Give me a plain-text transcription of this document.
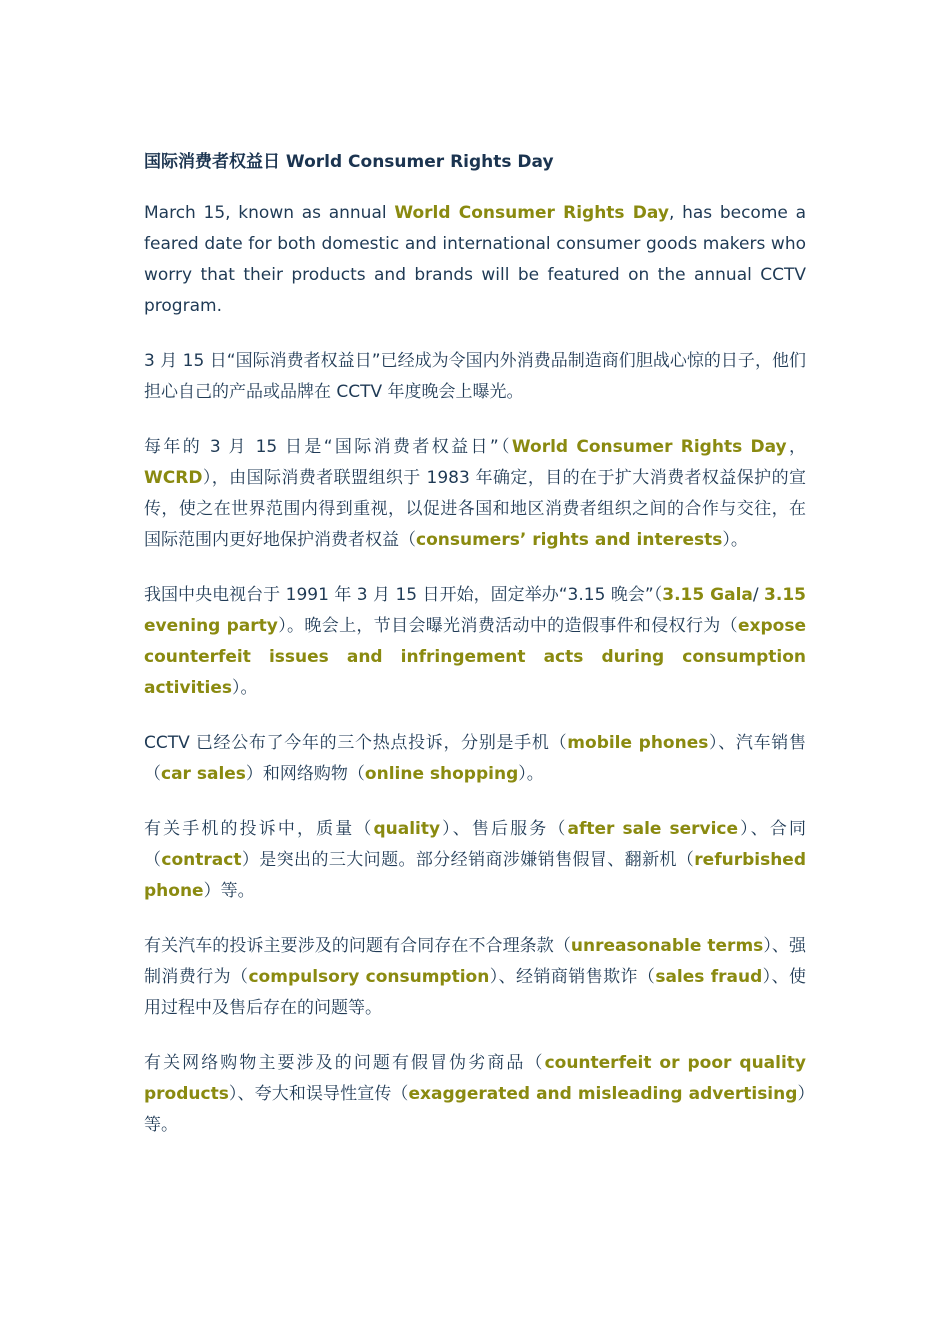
国际消费者权益日 World Consumer Rights Day

March 15, known as annual World Consumer Rights Day, has become a feared date for both domestic and international consumer goods makers who worry that their products and brands will be featured on the annual CCTV program.

3 月 15 日“国际消费者权益日”已经成为令国内外消费品制造商们胆战心惊的日子，他们担心自己的产品或品牌在 CCTV 年度晚会上曝光。

每年的 3 月 15 日是“国际消费者权益日”（World Consumer Rights Day，WCRD），由国际消费者联盟组织于 1983 年确定，目的在于扩大消费者权益保护的宣传，使之在世界范围内得到重视，以促进各国和地区消费者组织之间的合作与交往，在国际范围内更好地保护消费者权益（consumers’ rights and interests）。

我国中央电视台于 1991 年 3 月 15 日开始，固定举办“3.15 晚会”（3.15 Gala/ 3.15 evening party）。晚会上，节目会曝光消费活动中的造假事件和侵权行为（expose counterfeit issues and infringement acts during consumption activities）。

CCTV 已经公布了今年的三个热点投诉，分别是手机（mobile phones）、汽车销售（car sales）和网络购物（online shopping）。

有关手机的投诉中，质量（quality）、售后服务（after sale service）、合同（contract）是突出的三大问题。部分经销商涉嫌销售假冒、翻新机（refurbished phone）等。

有关汽车的投诉主要涉及的问题有合同存在不合理条款（unreasonable terms）、强制消费行为（compulsory consumption）、经销商销售欺诈（sales fraud）、使用过程中及售后存在的问题等。

有关网络购物主要涉及的问题有假冒伪劣商品（counterfeit or poor quality products）、夸大和误导性宣传（exaggerated and misleading advertising）等。
